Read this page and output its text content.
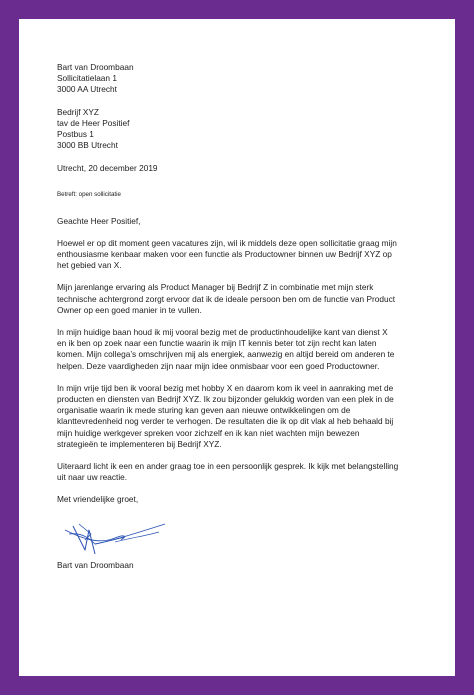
Bart van Droombaan
Sollicitatielaan 1
3000 AA Utrecht
Bedrijf XYZ
tav de Heer Positief
Postbus 1
3000 BB Utrecht
Utrecht, 20 december 2019
Betreft: open sollicitatie
Geachte Heer Positief,
Hoewel er op dit moment geen vacatures zijn, wil ik middels deze open sollicitatie graag mijn
enthousiasme kenbaar maken voor een functie als Productowner binnen uw Bedrijf XYZ op
het gebied van X.
Mijn jarenlange ervaring als Product Manager bij Bedrijf Z in combinatie met mijn sterk
technische achtergrond zorgt ervoor dat ik de ideale persoon ben om de functie van Product
Owner op een goed manier in te vullen.
In mijn huidige baan houd ik mij vooral bezig met de productinhoudelijke kant van dienst X
en ik ben op zoek naar een functie waarin ik mijn IT kennis beter tot zijn recht kan laten
komen. Mijn collega’s omschrijven mij als energiek, aanwezig en altijd bereid om anderen te
helpen. Deze vaardigheden zijn naar mijn idee onmisbaar voor een goed Productowner.
In mijn vrije tijd ben ik vooral bezig met hobby X en daarom kom ik veel in aanraking met de
producten en diensten van Bedrijf XYZ. Ik zou bijzonder gelukkig worden van een plek in de
organisatie waarin ik mede sturing kan geven aan nieuwe ontwikkelingen om de
klanttevredenheid nog verder te verhogen. De resultaten die ik op dit vlak al heb behaald bij
mijn huidige werkgever spreken voor zichzelf en ik kan niet wachten mijn bewezen
strategieën te implementeren bij Bedrijf XYZ.
Uiteraard licht ik een en ander graag toe in een persoonlijk gesprek. Ik kijk met belangstelling
uit naar uw reactie.
Met vriendelijke groet,
Bart van Droombaan
